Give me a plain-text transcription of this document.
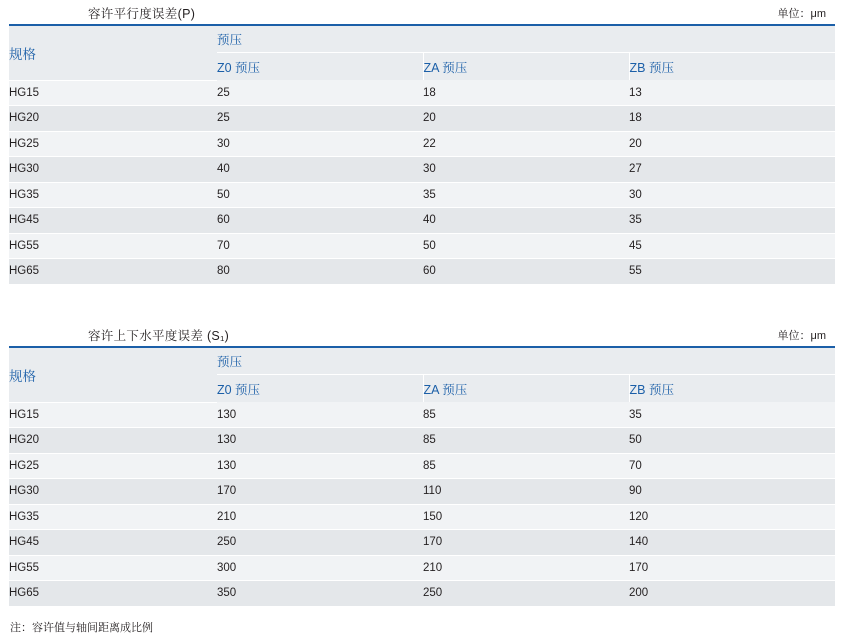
容许平行度误差(P)	单位：μm
规格	预压		
	Z0 预压	ZA 预压	ZB 预压
HG15	25	18	13
HG20	25	20	18
HG25	30	22	20
HG30	40	30	27
HG35	50	35	30
HG45	60	40	35
HG55	70	50	45
HG65	80	60	55
容许上下水平度误差 (S₁)	单位：μm
规格	预压		
	Z0 预压	ZA 预压	ZB 预压
HG15	130	85	35
HG20	130	85	50
HG25	130	85	70
HG30	170	110	90
HG35	210	150	120
HG45	250	170	140
HG55	300	210	170
HG65	350	250	200
注：容许值与轴间距离成比例
